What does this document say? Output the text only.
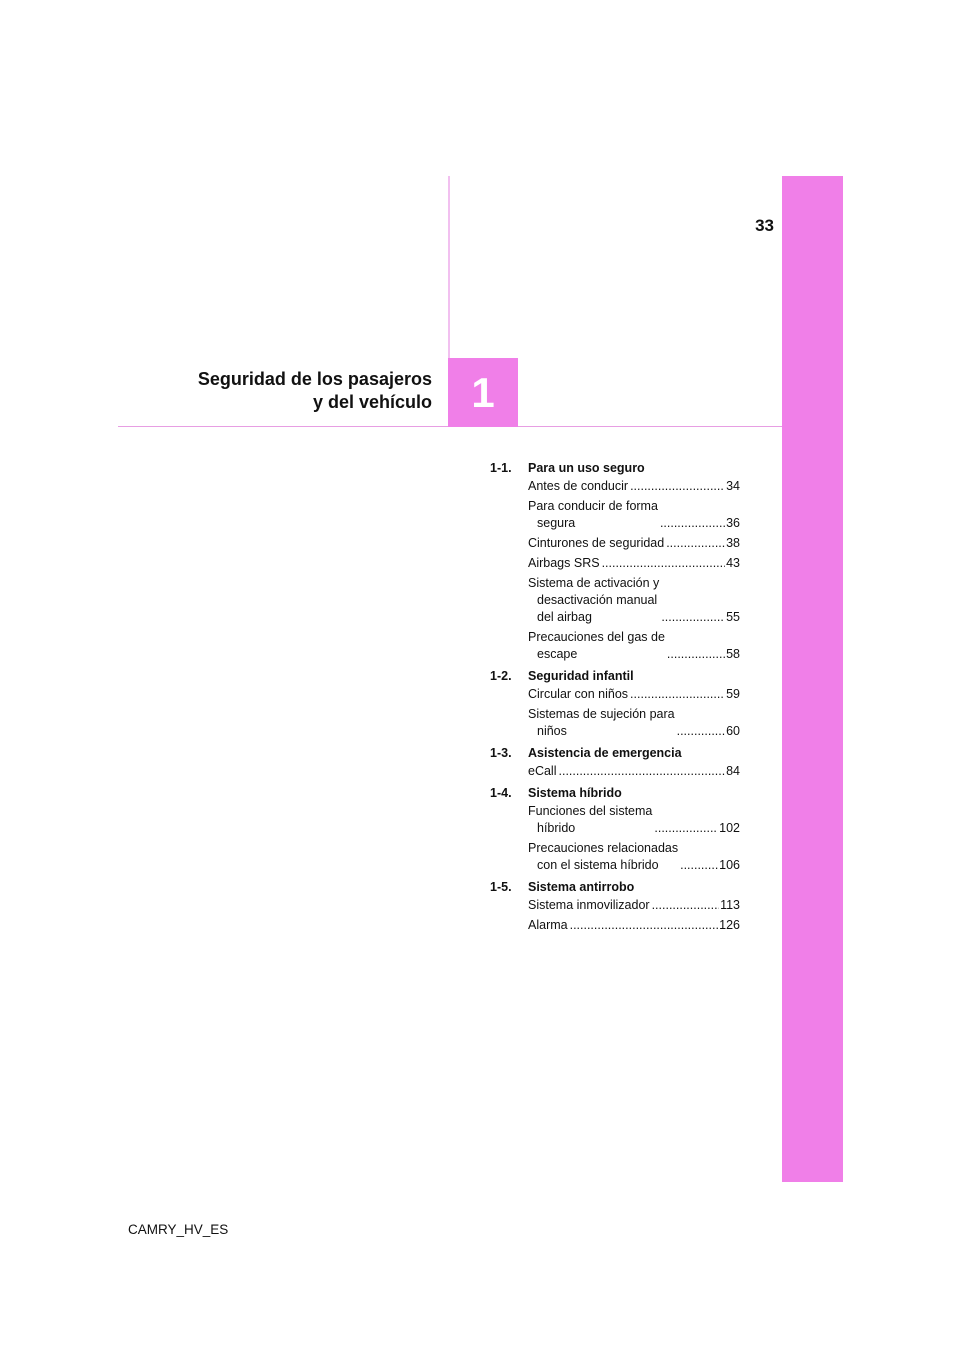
1
33
Seguridad de los pasajeros
y del vehículo
1-1.	Para un uso seguro
Antes de conducir .....	34
Para conducir de forma
segura .....	36
Cinturones de seguridad .....	38
Airbags SRS .....	43
Sistema de activación y
desactivación manual
del airbag .....	55
Precauciones del gas de
escape .....	58
1-2.	Seguridad infantil
Circular con niños .....	59
Sistemas de sujeción para
niños .....	60
1-3.	Asistencia de emergencia
eCall .....	84
1-4.	Sistema híbrido
Funciones del sistema
híbrido .....	102
Precauciones relacionadas
con el sistema híbrido .....	106
1-5.	Sistema antirrobo
Sistema inmovilizador .....	113
Alarma .....	126
CAMRY_HV_ES
